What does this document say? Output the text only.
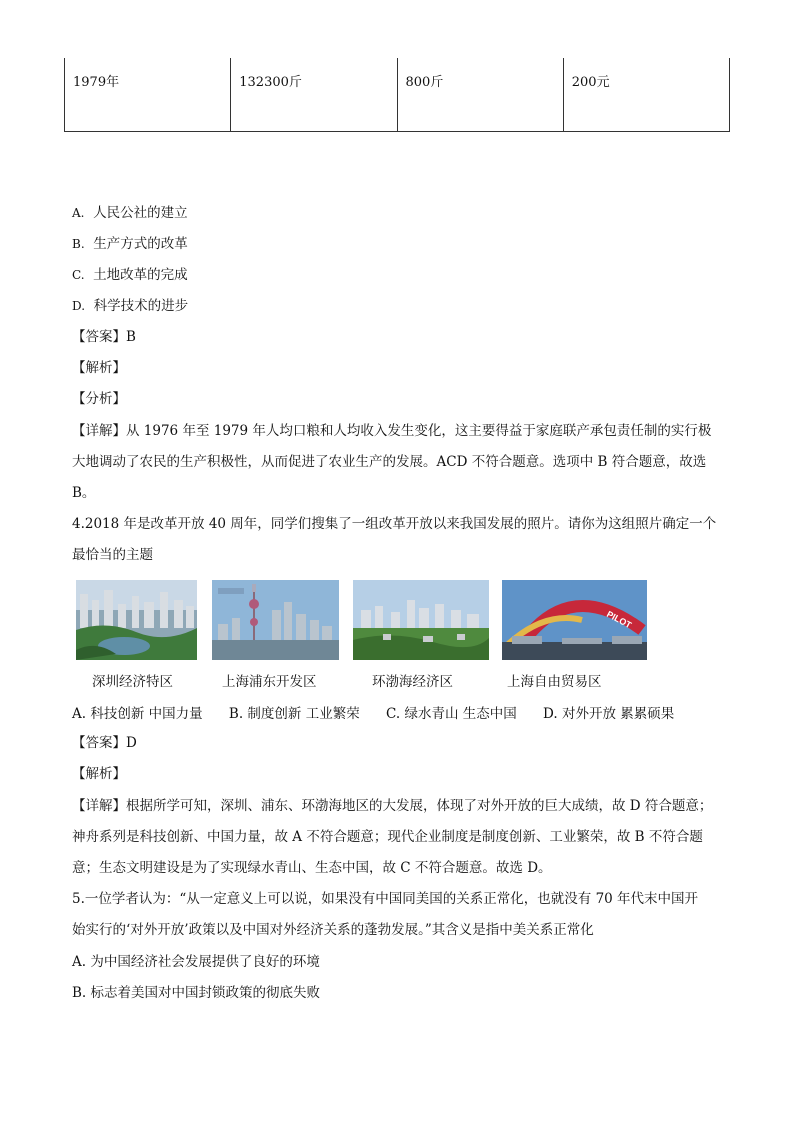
1979年	132300斤	800斤	200元
A. 人民公社的建立
B. 生产方式的改革
C. 土地改革的完成
D. 科学技术的进步
【答案】B
【解析】
【分析】
【详解】从 1976 年至 1979 年人均口粮和人均收入发生变化，这主要得益于家庭联产承包责任制的实行极
大地调动了农民的生产积极性，从而促进了农业生产的发展。ACD 不符合题意。选项中 B 符合题意，故选
B。
4.2018 年是改革开放 40 周年，同学们搜集了一组改革开放以来我国发展的照片。请你为这组照片确定一个
最恰当的主题
PILOT
深圳经济特区	上海浦东开发区	环渤海经济区	上海自由贸易区
A. 科技创新 中国力量 B. 制度创新 工业繁荣 C. 绿水青山 生态中国 D. 对外开放 累累硕果
【答案】D
【解析】
【详解】根据所学可知，深圳、浦东、环渤海地区的大发展，体现了对外开放的巨大成绩，故 D 符合题意；
神舟系列是科技创新、中国力量，故 A 不符合题意；现代企业制度是制度创新、工业繁荣，故 B 不符合题
意；生态文明建设是为了实现绿水青山、生态中国，故 C 不符合题意。故选 D。
5.一位学者认为：“从一定意义上可以说，如果没有中国同美国的关系正常化，也就没有 70 年代末中国开
始实行的‘对外开放’政策以及中国对外经济关系的蓬勃发展。”其含义是指中美关系正常化
A. 为中国经济社会发展提供了良好的环境
B. 标志着美国对中国封锁政策的彻底失败
